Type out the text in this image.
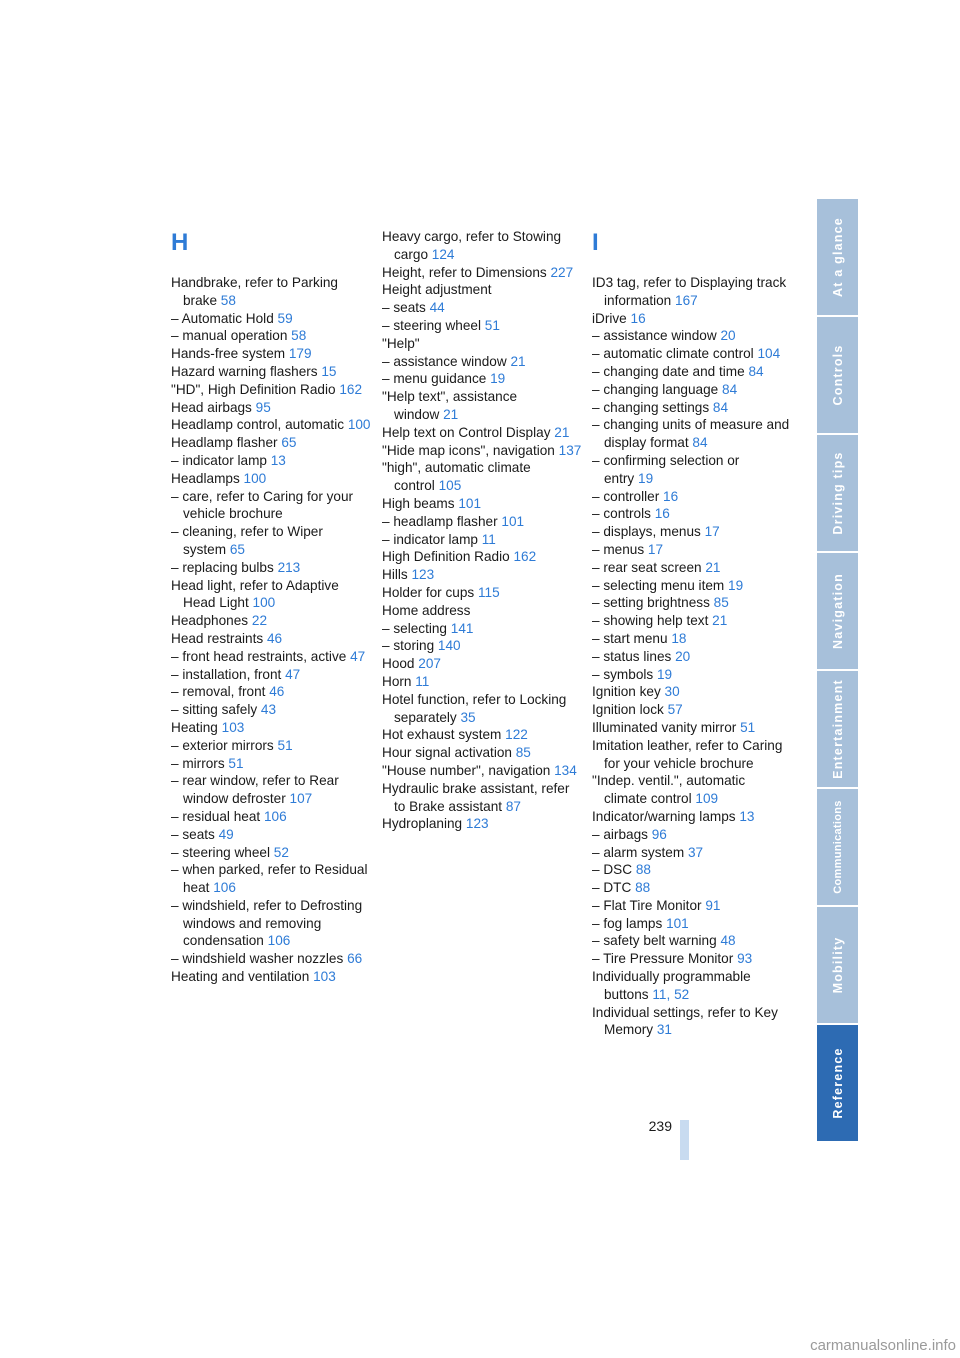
H
Handbrake, refer to Parking brake 58
– Automatic Hold 59
– manual operation 58
Hands-free system 179
Hazard warning flashers 15
"HD", High Definition Radio 162
Head airbags 95
Headlamp control, automatic 100
Headlamp flasher 65
– indicator lamp 13
Headlamps 100
– care, refer to Caring for your vehicle brochure
– cleaning, refer to Wiper system 65
– replacing bulbs 213
Head light, refer to Adaptive Head Light 100
Headphones 22
Head restraints 46
– front head restraints, active 47
– installation, front 47
– removal, front 46
– sitting safely 43
Heating 103
– exterior mirrors 51
– mirrors 51
– rear window, refer to Rear window defroster 107
– residual heat 106
– seats 49
– steering wheel 52
– when parked, refer to Residual heat 106
– windshield, refer to Defrosting windows and removing condensation 106
– windshield washer nozzles 66
Heating and ventilation 103
Heavy cargo, refer to Stowing cargo 124
Height, refer to Dimensions 227
Height adjustment
– seats 44
– steering wheel 51
"Help"
– assistance window 21
– menu guidance 19
"Help text", assistance window 21
Help text on Control Display 21
"Hide map icons", navigation 137
"high", automatic climate control 105
High beams 101
– headlamp flasher 101
– indicator lamp 11
High Definition Radio 162
Hills 123
Holder for cups 115
Home address
– selecting 141
– storing 140
Hood 207
Horn 11
Hotel function, refer to Locking separately 35
Hot exhaust system 122
Hour signal activation 85
"House number", navigation 134
Hydraulic brake assistant, refer to Brake assistant 87
Hydroplaning 123
I
ID3 tag, refer to Displaying track information 167
iDrive 16
– assistance window 20
– automatic climate control 104
– changing date and time 84
– changing language 84
– changing settings 84
– changing units of measure and display format 84
– confirming selection or entry 19
– controller 16
– controls 16
– displays, menus 17
– menus 17
– rear seat screen 21
– selecting menu item 19
– setting brightness 85
– showing help text 21
– start menu 18
– status lines 20
– symbols 19
Ignition key 30
Ignition lock 57
Illuminated vanity mirror 51
Imitation leather, refer to Caring for your vehicle brochure
"Indep. ventil.", automatic climate control 109
Indicator/warning lamps 13
– airbags 96
– alarm system 37
– DSC 88
– DTC 88
– Flat Tire Monitor 91
– fog lamps 101
– safety belt warning 48
– Tire Pressure Monitor 93
Individually programmable buttons 11, 52
Individual settings, refer to Key Memory 31
At a glance
Controls
Driving tips
Navigation
Entertainment
Communications
Mobility
Reference
239
carmanualsonline.info
